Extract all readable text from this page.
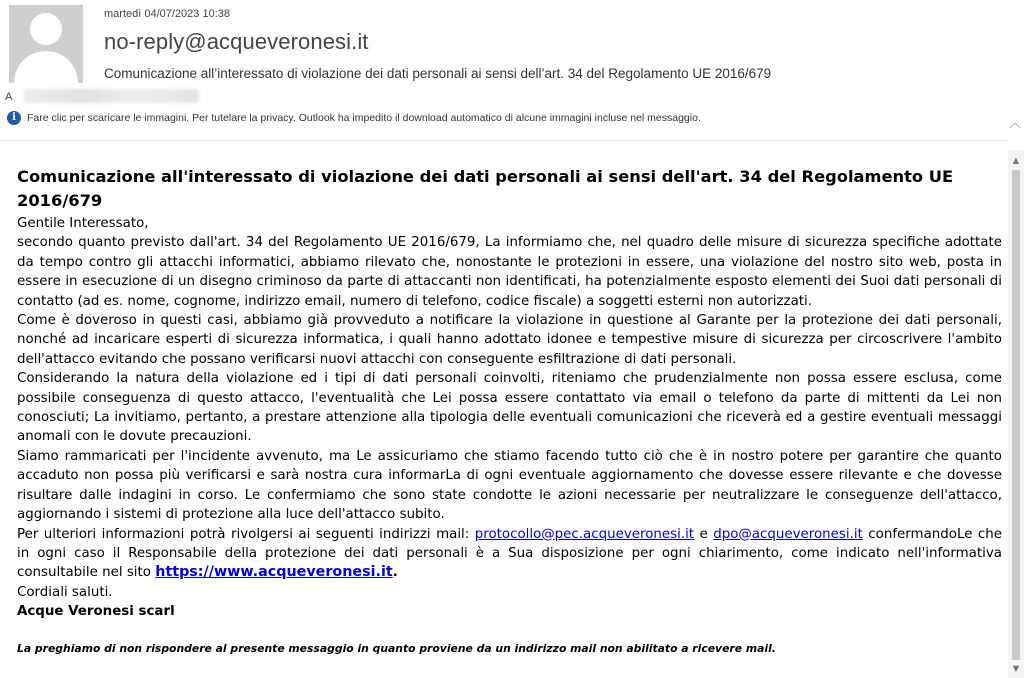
martedì 04/07/2023 10:38
no-reply@acqueveronesi.it
Comunicazione all’interessato di violazione dei dati personali ai sensi dell’art. 34 del Regolamento UE 2016/679
A
i	Fare clic per scaricare le immagini. Per tutelare la privacy, Outlook ha impedito il download automatico di alcune immagini incluse nel messaggio.	︿
▲
▼
Comunicazione all'interessato di violazione dei dati personali ai sensi dell'art. 34 del Regolamento UE 2016/679

Gentile Interessato,

secondo quanto previsto dall'art. 34 del Regolamento UE 2016/679, La informiamo che, nel quadro delle misure di sicurezza specifiche adottate da tempo contro gli attacchi informatici, abbiamo rilevato che, nonostante le protezioni in essere, una violazione del nostro sito web, posta in essere in esecuzione di un disegno criminoso da parte di attaccanti non identificati, ha potenzialmente esposto elementi dei Suoi dati personali di contatto (ad es. nome, cognome, indirizzo email, numero di telefono, codice fiscale) a soggetti esterni non autorizzati.

Come è doveroso in questi casi, abbiamo già provveduto a notificare la violazione in questione al Garante per la protezione dei dati personali, nonché ad incaricare esperti di sicurezza informatica, i quali hanno adottato idonee e tempestive misure di sicurezza per circoscrivere l'ambito dell'attacco evitando che possano verificarsi nuovi attacchi con conseguente esfiltrazione di dati personali.

Considerando la natura della violazione ed i tipi di dati personali coinvolti, riteniamo che prudenzialmente non possa essere esclusa, come possibile conseguenza di questo attacco, l'eventualità che Lei possa essere contattato via email o telefono da parte di mittenti da Lei non conosciuti; La invitiamo, pertanto, a prestare attenzione alla tipologia delle eventuali comunicazioni che riceverà ed a gestire eventuali messaggi anomali con le dovute precauzioni.

Siamo rammaricati per l'incidente avvenuto, ma Le assicuriamo che stiamo facendo tutto ciò che è in nostro potere per garantire che quanto accaduto non possa più verificarsi e sarà nostra cura informarLa di ogni eventuale aggiornamento che dovesse essere rilevante e che dovesse risultare dalle indagini in corso. Le confermiamo che sono state condotte le azioni necessarie per neutralizzare le conseguenze dell'attacco, aggiornando i sistemi di protezione alla luce dell'attacco subito.

Per ulteriori informazioni potrà rivolgersi ai seguenti indirizzi mail: protocollo@pec.acqueveronesi.it e dpo@acqueveronesi.it confermandoLe che in ogni caso il Responsabile della protezione dei dati personali è a Sua disposizione per ogni chiarimento, come indicato nell'informativa consultabile nel sito https://www.acqueveronesi.it.

Cordiali saluti.

Acque Veronesi scarl

La preghiamo di non rispondere al presente messaggio in quanto proviene da un indirizzo mail non abilitato a ricevere mail.
